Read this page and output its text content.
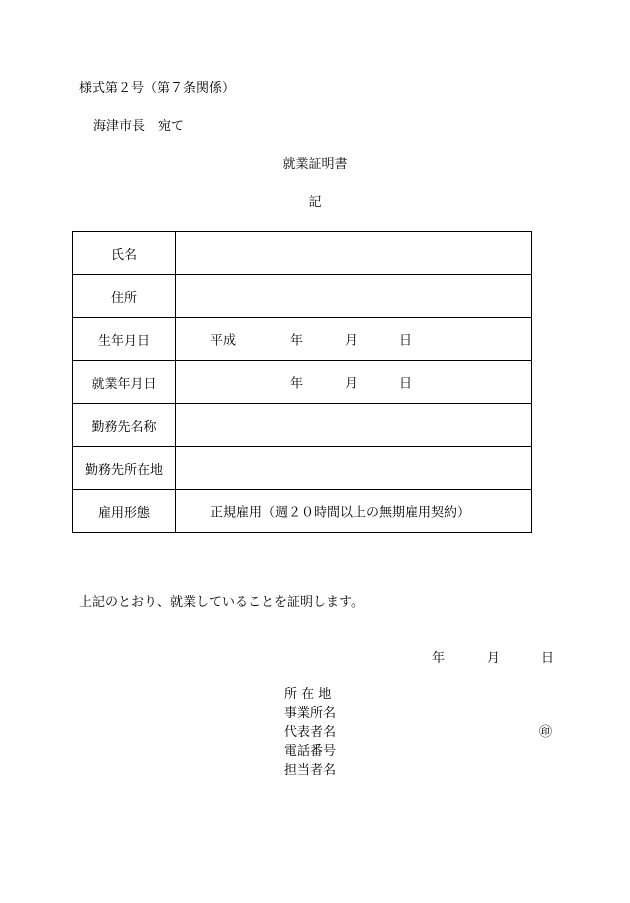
様式第２号（第７条関係）
海津市長　宛て
就業証明書
記
氏名	
住所	
生年月日	平成 年 月 日

就業年月日	年 月 日

勤務先名称	
勤務先所在地	
雇用形態	正規雇用（週２０時間以上の無期雇用契約）
上記のとおり、就業していることを証明します。
年	月	日
所 在 地
事業所名
代表者名
電話番号
担当者名
㊞
